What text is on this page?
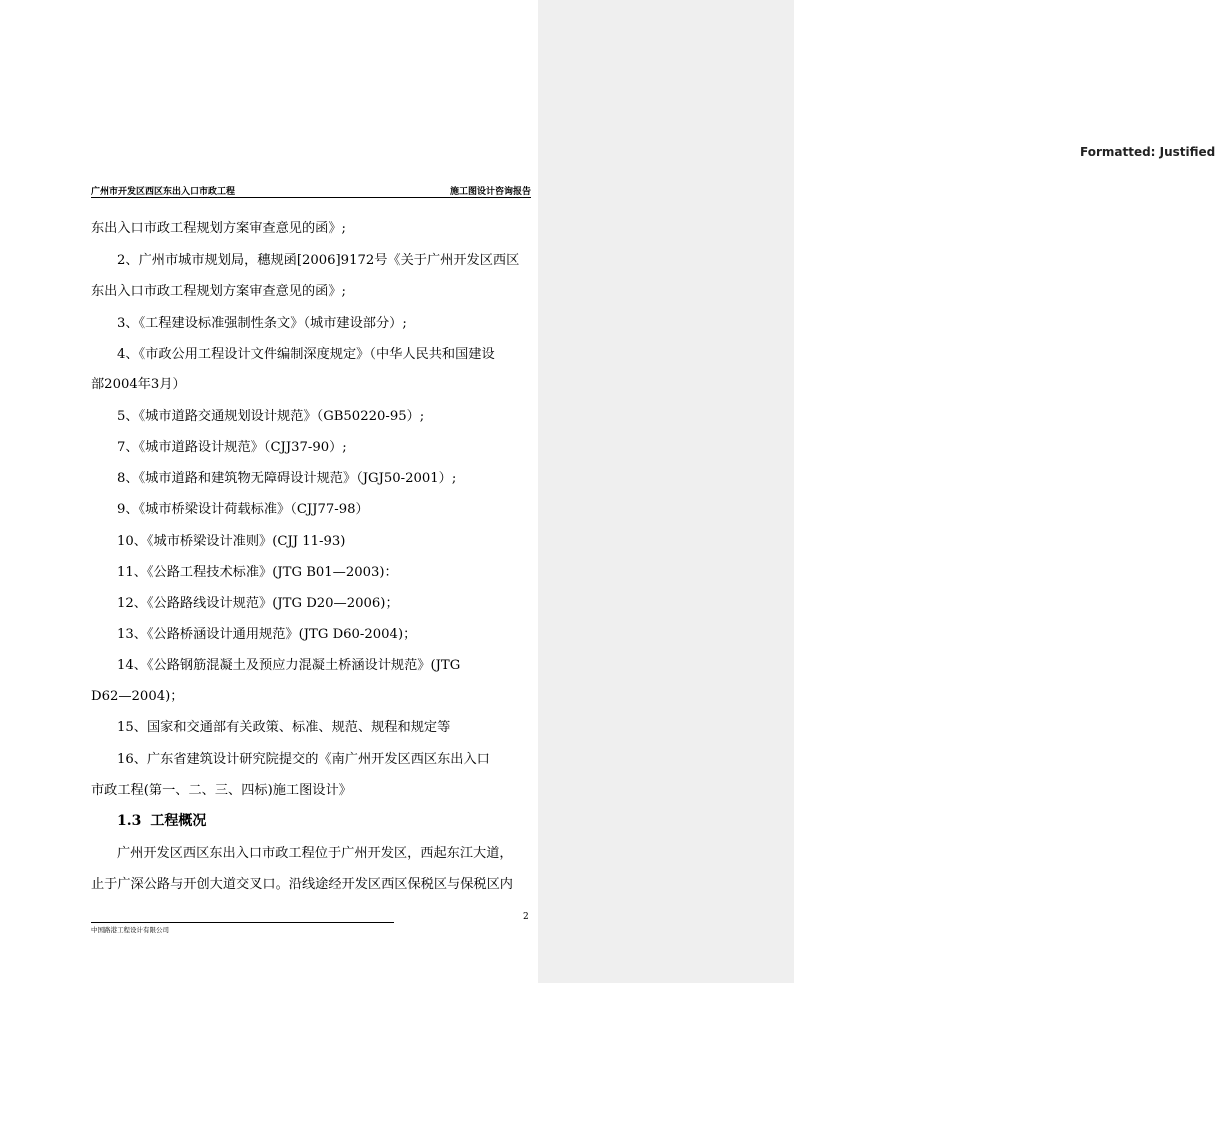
Formatted: Justified
广州市开发区西区东出入口市政工程	施工图设计咨询报告
东出入口市政工程规划方案审查意见的函》;
2、广州市城市规划局，穗规函[2006]9172号《关于广州开发区西区
东出入口市政工程规划方案审查意见的函》;
3、《工程建设标准强制性条文》（城市建设部分）;
4、《市政公用工程设计文件编制深度规定》（中华人民共和国建设
部2004年3月）
5、《城市道路交通规划设计规范》（GB50220-95）;
7、《城市道路设计规范》（CJJ37-90）;
8、《城市道路和建筑物无障碍设计规范》（JGJ50-2001）;
9、《城市桥梁设计荷载标准》（CJJ77-98）
10、《城市桥梁设计准则》(CJJ 11-93)
11、《公路工程技术标准》(JTG B01—2003)：
12、《公路路线设计规范》(JTG D20—2006)；
13、《公路桥涵设计通用规范》(JTG D60-2004)；
14、《公路钢筋混凝土及预应力混凝土桥涵设计规范》(JTG
D62—2004)；
15、国家和交通部有关政策、标准、规范、规程和规定等
16、广东省建筑设计研究院提交的《南广州开发区西区东出入口
市政工程(第一、二、三、四标)施工图设计》
1.3 工程概况
广州开发区西区东出入口市政工程位于广州开发区，西起东江大道，
止于广深公路与开创大道交叉口。沿线途经开发区西区保税区与保税区内
中国路港工程设计有限公司
2
